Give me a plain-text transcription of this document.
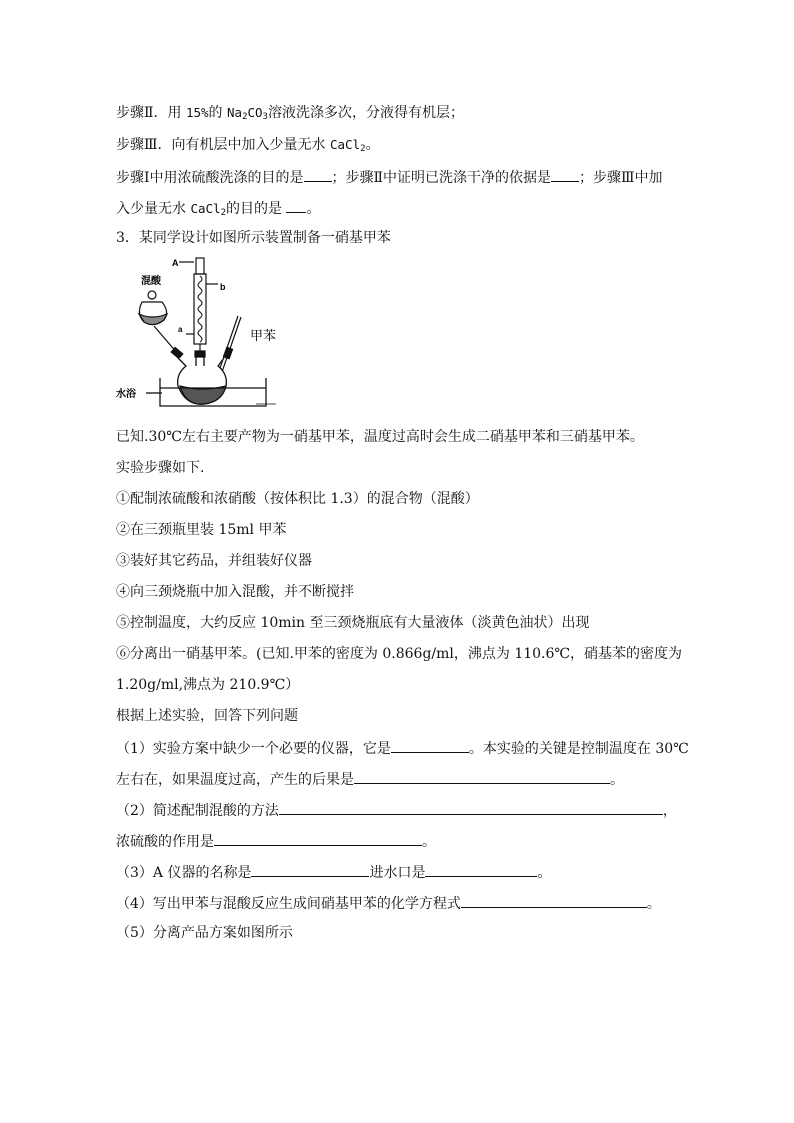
步骤Ⅱ．用 15%的 $Na_2CO_3$溶液洗涤多次，分液得有机层；
步骤Ⅲ．向有机层中加入少量无水 CaCl$_2$。
步骤Ⅰ中用浓硫酸洗涤的目的是 ；步骤Ⅱ中证明已洗涤干净的依据是 ；步骤Ⅲ中加
入少量无水 CaCl$_2$的目的是 。
3．某同学设计如图所示装置制备一硝基甲苯
A
b
a
混酸
甲苯
水浴
已知.30℃左右主要产物为一硝基甲苯，温度过高时会生成二硝基甲苯和三硝基甲苯。
实验步骤如下.
①配制浓硫酸和浓硝酸（按体积比 1.3）的混合物（混酸）
②在三颈瓶里装 15ml 甲苯
③装好其它药品，并组装好仪器
④向三颈烧瓶中加入混酸，并不断搅拌
⑤控制温度，大约反应 10min 至三颈烧瓶底有大量液体（淡黄色油状）出现
⑥分离出一硝基甲苯。(已知.甲苯的密度为 0.866g/ml，沸点为 110.6℃，硝基苯的密度为
1.20g/ml,沸点为 210.9℃）
根据上述实验，回答下列问题
（1）实验方案中缺少一个必要的仪器，它是	。本实验的关键是控制温度在 30℃
左右在，如果温度过高，产生的后果是	。
（2）简述配制混酸的方法	，
浓硫酸的作用是	。
（3）A 仪器的名称是	进水口是	。
（4）写出甲苯与混酸反应生成间硝基甲苯的化学方程式	。
（5）分离产品方案如图所示
